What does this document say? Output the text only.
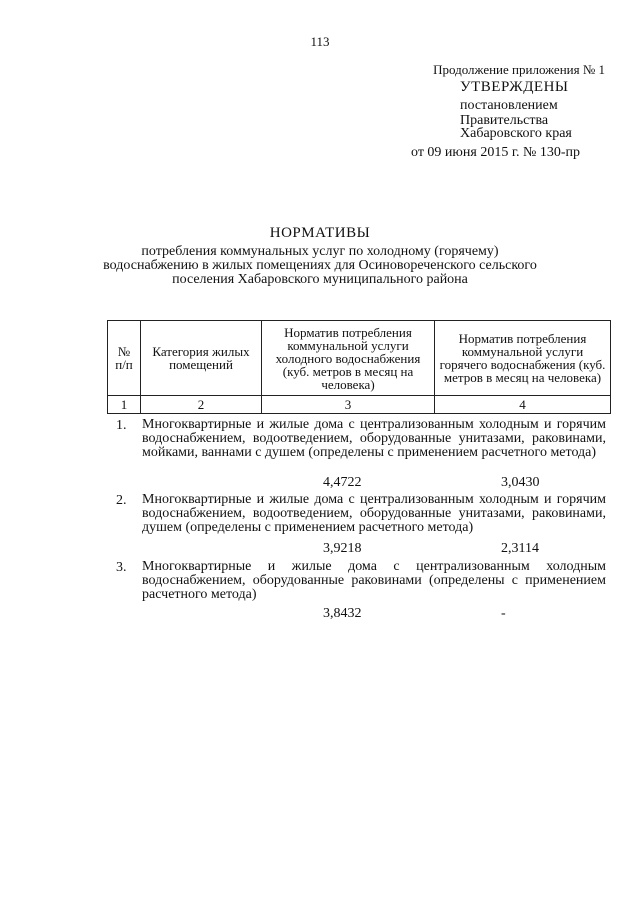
113
Продолжение приложения № 1
УТВЕРЖДЕНЫ
постановлением
Правительства
Хабаровского края
от 09 июня 2015 г. № 130-пр
НОРМАТИВЫ
потребления коммунальных услуг по холодному (горячему) водоснабжению в жилых помещениях для Осиновореченского сельского поселения Хабаровского муниципального района
№ п/п	Категория жилых помещений	Норматив потребления коммунальной услуги холодного водоснабжения (куб. метров в месяц на человека)	Норматив потребления коммунальной услуги горячего водоснабжения (куб. метров в месяц на человека)
1	2	3	4
1. Многоквартирные и жилые дома с централизованным холодным и горячим водоснабжением, водоотведением, оборудованные унитазами, раковинами, мойками, ваннами с душем (определены с применением расчетного метода)
4,4722	3,0430
2. Многоквартирные и жилые дома с централизованным холодным и горячим водоснабжением, водоотведением, оборудованные унитазами, раковинами, душем (определены с применением расчетного метода)
3,9218	2,3114
3. Многоквартирные и жилые дома с централизованным холодным водоснабжением, оборудованные раковинами (определены с применением расчетного метода)
3,8432	-
